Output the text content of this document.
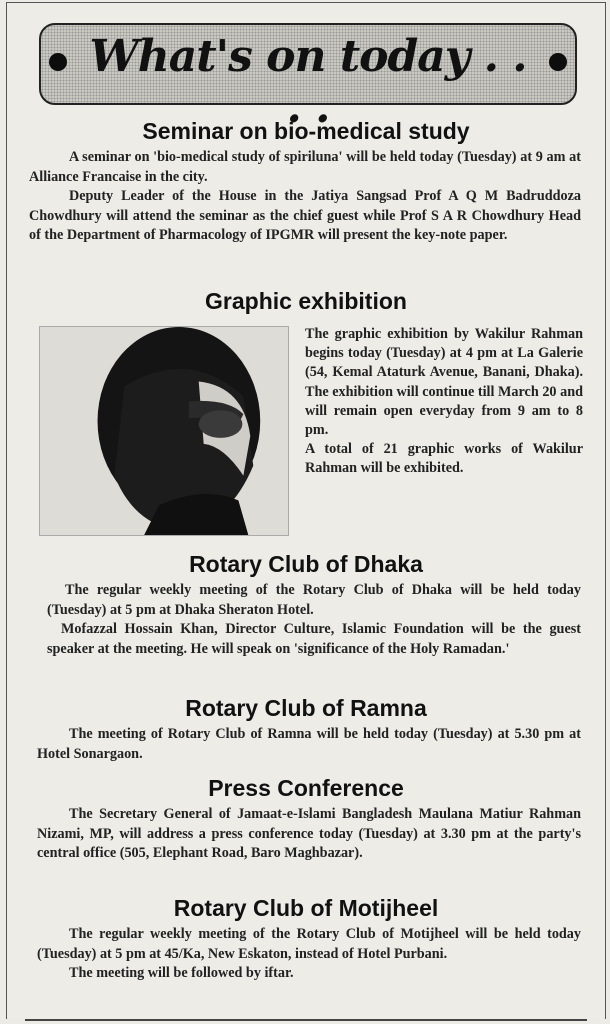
What's on today . . . .
Seminar on bio-medical study

A seminar on 'bio-medical study of spiriluna' will be held today (Tuesday) at 9 am at Alliance Francaise in the city.

Deputy Leader of the House in the Jatiya Sangsad Prof A Q M Badruddoza Chowdhury will attend the seminar as the chief guest while Prof S A R Chowdhury Head of the Department of Pharmacology of IPGMR will present the key-note paper.

Graphic exhibition

The graphic exhibition by Wakilur Rahman begins today (Tuesday) at 4 pm at La Galerie (54, Kemal Ataturk Avenue, Banani, Dhaka). The exhibition will continue till March 20 and will remain open everyday from 9 am to 8 pm.

A total of 21 graphic works of Wakilur Rahman will be exhibited.

Rotary Club of Dhaka

The regular weekly meeting of the Rotary Club of Dhaka will be held today (Tuesday) at 5 pm at Dhaka Sheraton Hotel.

Mofazzal Hossain Khan, Director Culture, Islamic Foundation will be the guest speaker at the meeting. He will speak on 'significance of the Holy Ramadan.'

Rotary Club of Ramna

The meeting of Rotary Club of Ramna will be held today (Tuesday) at 5.30 pm at Hotel Sonargaon.

Press Conference

The Secretary General of Jamaat-e-Islami Bangladesh Maulana Matiur Rahman Nizami, MP, will address a press conference today (Tuesday) at 3.30 pm at the party's central office (505, Elephant Road, Baro Maghbazar).

Rotary Club of Motijheel

The regular weekly meeting of the Rotary Club of Motijheel will be held today (Tuesday) at 5 pm at 45/Ka, New Eskaton, instead of Hotel Purbani.

The meeting will be followed by iftar.
